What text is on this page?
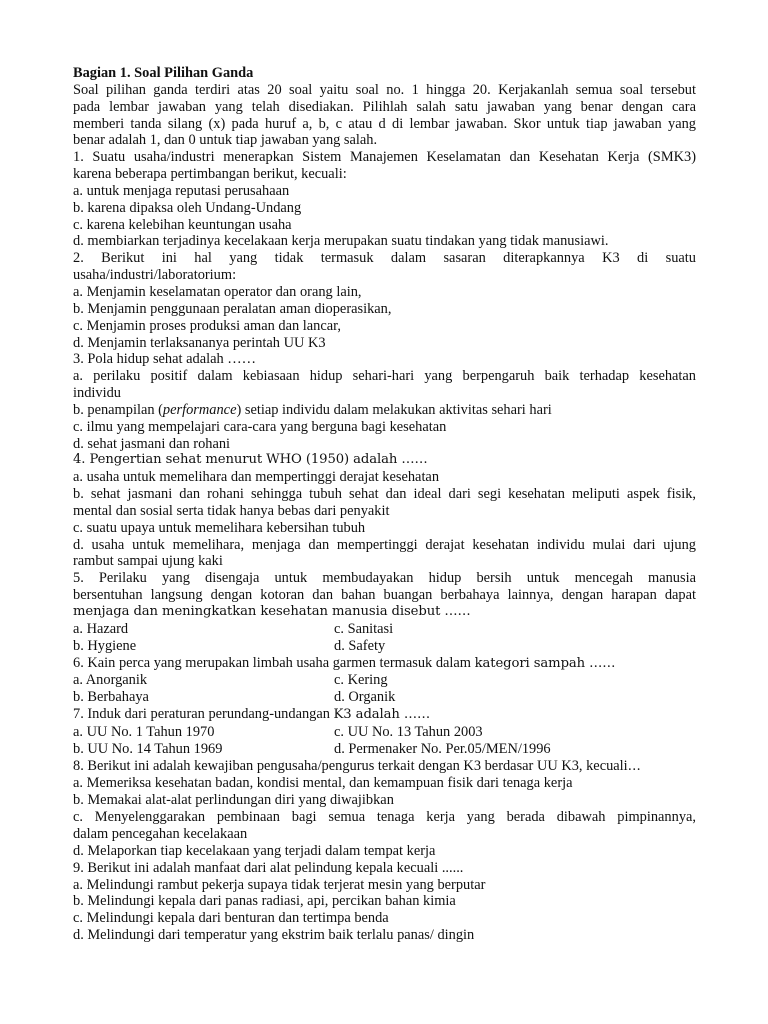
Bagian 1. Soal Pilihan Ganda
Soal pilihan ganda terdiri atas 20 soal yaitu soal no. 1 hingga 20. Kerjakanlah semua soal tersebut
pada lembar jawaban yang telah disediakan. Pilihlah salah satu jawaban yang benar dengan cara
memberi tanda silang (x) pada huruf a, b, c atau d di lembar jawaban. Skor untuk tiap jawaban yang
benar adalah 1, dan 0 untuk tiap jawaban yang salah.
1. Suatu usaha/industri menerapkan Sistem Manajemen Keselamatan dan Kesehatan Kerja (SMK3)
karena beberapa pertimbangan berikut, kecuali:
a. untuk menjaga reputasi perusahaan
b. karena dipaksa oleh Undang-Undang
c. karena kelebihan keuntungan usaha
d. membiarkan terjadinya kecelakaan kerja merupakan suatu tindakan yang tidak manusiawi.
2. Berikut ini hal yang tidak termasuk dalam sasaran diterapkannya K3 di suatu
usaha/industri/laboratorium:
a. Menjamin keselamatan operator dan orang lain,
b. Menjamin penggunaan peralatan aman dioperasikan,
c. Menjamin proses produksi aman dan lancar,
d. Menjamin terlaksananya perintah UU K3
3. Pola hidup sehat adalah ……
a. perilaku positif dalam kebiasaan hidup sehari-hari yang berpengaruh baik terhadap kesehatan
individu
b. penampilan (performance) setiap individu dalam melakukan aktivitas sehari hari
c. ilmu yang mempelajari cara-cara yang berguna bagi kesehatan
d. sehat jasmani dan rohani
4. Pengertian sehat menurut WHO (1950) adalah ……
a. usaha untuk memelihara dan mempertinggi derajat kesehatan
b. sehat jasmani dan rohani sehingga tubuh sehat dan ideal dari segi kesehatan meliputi aspek fisik,
mental dan sosial serta tidak hanya bebas dari penyakit
c. suatu upaya untuk memelihara kebersihan tubuh
d. usaha untuk memelihara, menjaga dan mempertinggi derajat kesehatan individu mulai dari ujung
rambut sampai ujung kaki
5. Perilaku yang disengaja untuk membudayakan hidup bersih untuk mencegah manusia
bersentuhan langsung dengan kotoran dan bahan buangan berbahaya lainnya, dengan harapan dapat
menjaga dan meningkatkan kesehatan manusia disebut ……
a. Hazard	c. Sanitasi
b. Hygiene	d. Safety
6. Kain perca yang merupakan limbah usaha garmen termasuk dalam kategori sampah ……
a. Anorganik	c. Kering
b. Berbahaya	d. Organik
7. Induk dari peraturan perundang-undangan K3 adalah ……
a. UU No. 1 Tahun 1970	c. UU No. 13 Tahun 2003
b. UU No. 14 Tahun 1969	d. Permenaker No. Per.05/MEN/1996
8. Berikut ini adalah kewajiban pengusaha/pengurus terkait dengan K3 berdasar UU K3, kecuali…
a. Memeriksa kesehatan badan, kondisi mental, dan kemampuan fisik dari tenaga kerja
b. Memakai alat-alat perlindungan diri yang diwajibkan
c. Menyelenggarakan pembinaan bagi semua tenaga kerja yang berada dibawah pimpinannya,
dalam pencegahan kecelakaan
d. Melaporkan tiap kecelakaan yang terjadi dalam tempat kerja
9. Berikut ini adalah manfaat dari alat pelindung kepala kecuali ......
a. Melindungi rambut pekerja supaya tidak terjerat mesin yang berputar
b. Melindungi kepala dari panas radiasi, api, percikan bahan kimia
c. Melindungi kepala dari benturan dan tertimpa benda
d. Melindungi dari temperatur yang ekstrim baik terlalu panas/ dingin
